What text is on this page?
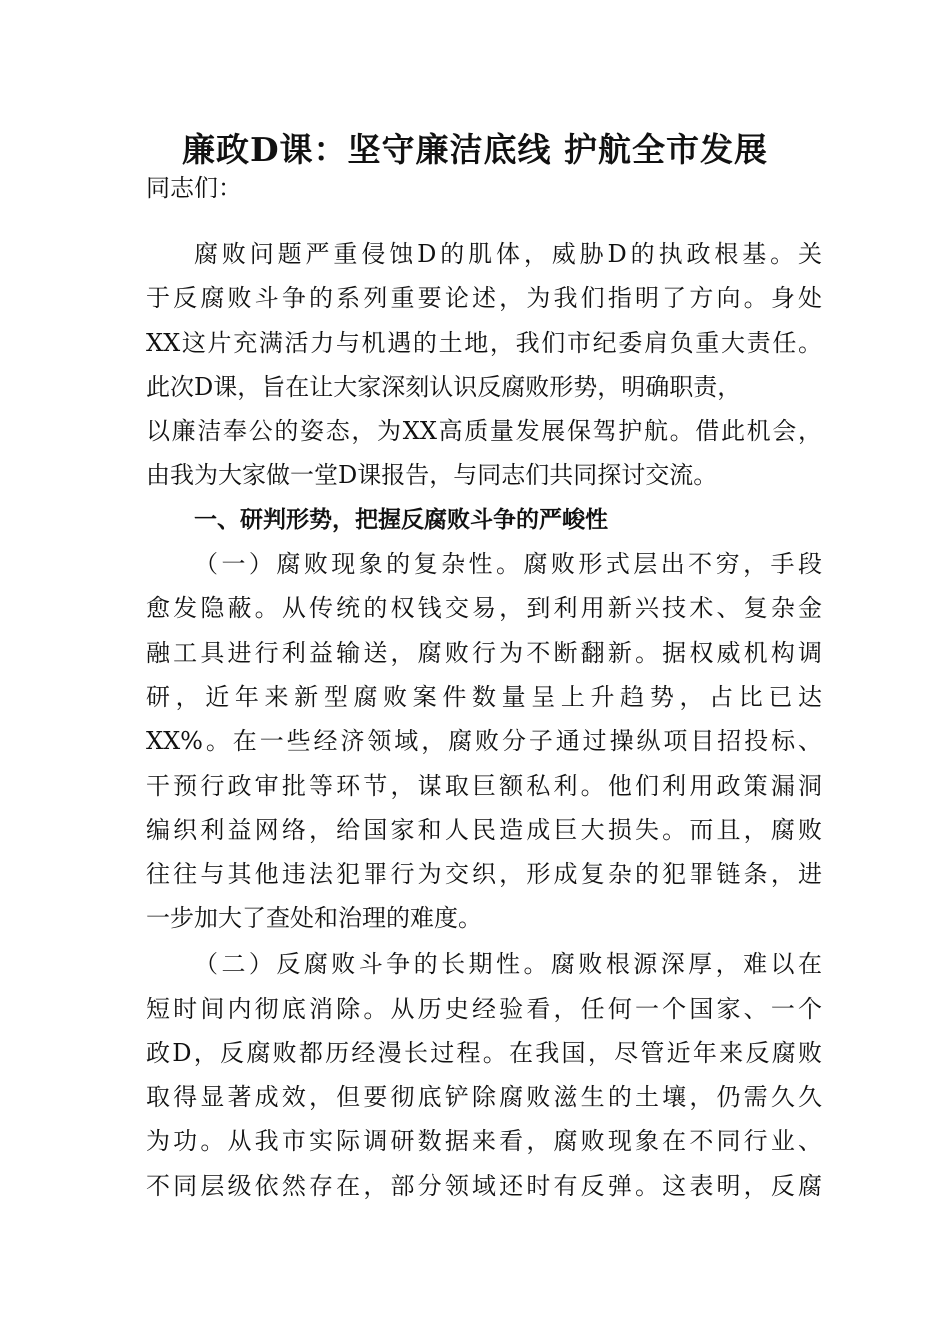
廉政D课：坚守廉洁底线 护航全市发展
同志们：
腐败问题严重侵蚀D的肌体，威胁D的执政根基。关
于反腐败斗争的系列重要论述，为我们指明了方向。身处
XX这片充满活力与机遇的土地，我们市纪委肩负重大责任。
此次D课，旨在让大家深刻认识反腐败形势，明确职责，
以廉洁奉公的姿态，为XX高质量发展保驾护航。借此机会，
由我为大家做一堂D课报告，与同志们共同探讨交流。
一、研判形势，把握反腐败斗争的严峻性
（一）腐败现象的复杂性。腐败形式层出不穷，手段
愈发隐蔽。从传统的权钱交易，到利用新兴技术、复杂金
融工具进行利益输送，腐败行为不断翻新。据权威机构调
研，近年来新型腐败案件数量呈上升趋势，占比已达
XX%。在一些经济领域，腐败分子通过操纵项目招投标、
干预行政审批等环节，谋取巨额私利。他们利用政策漏洞
编织利益网络，给国家和人民造成巨大损失。而且，腐败
往往与其他违法犯罪行为交织，形成复杂的犯罪链条，进
一步加大了查处和治理的难度。
（二）反腐败斗争的长期性。腐败根源深厚，难以在
短时间内彻底消除。从历史经验看，任何一个国家、一个
政D，反腐败都历经漫长过程。在我国，尽管近年来反腐败
取得显著成效，但要彻底铲除腐败滋生的土壤，仍需久久
为功。从我市实际调研数据来看，腐败现象在不同行业、
不同层级依然存在，部分领域还时有反弹。这表明，反腐
